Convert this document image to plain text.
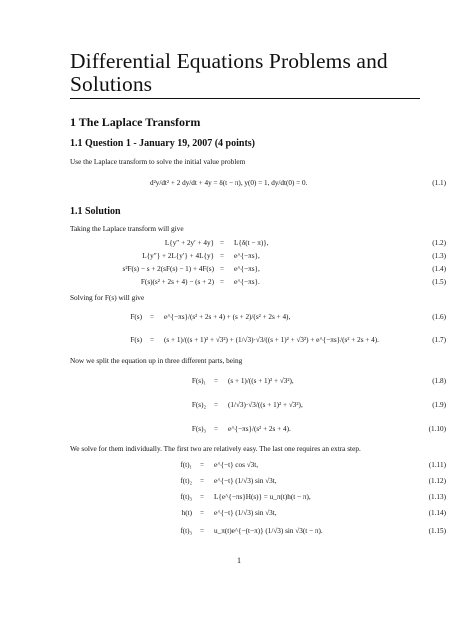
Differential Equations Problems and Solutions
1 The Laplace Transform
1.1 Question 1 - January 19, 2007 (4 points)
Use the Laplace transform to solve the initial value problem
d²y/dt² + 2 dy/dt + 4y = δ(t − π), y(0) = 1, dy/dt(0) = 0.	(1.1)
1.1 Solution
Taking the Laplace transform will give
L{y″ + 2y′ + 4y} = L{δ(t − π)},	(1.2)
L{y″} + 2L{y′} + 4L{y} = e^{−πs},	(1.3)
s²F(s) − s + 2(sF(s) − 1) + 4F(s) = e^{−πs},	(1.4)
F(s)(s² + 2s + 4) − (s + 2) = e^{−πs}.	(1.5)
Solving for F(s) will give
F(s) = e^{−πs}/(s² + 2s + 4) + (s + 2)/(s² + 2s + 4),	(1.6)
F(s) = (s + 1)/((s + 1)² + √3²) + (1/√3)·√3/((s + 1)² + √3²) + e^{−πs}/(s² + 2s + 4).	(1.7)
Now we split the equation up in three different parts, being
F(s)₁ = (s + 1)/((s + 1)² + √3²),	(1.8)
F(s)₂ = (1/√3)·√3/((s + 1)² + √3²),	(1.9)
F(s)₃ = e^{−πs}/(s² + 2s + 4).	(1.10)
We solve for them individually. The first two are relatively easy. The last one requires an extra step.
f(t)₁ = e^{−t} cos √3t,	(1.11)
f(t)₂ = e^{−t} (1/√3) sin √3t,	(1.12)
f(t)₃ = L{e^{−πs}H(s)} = u_π(t)h(t − π),	(1.13)
h(t) = e^{−t} (1/√3) sin √3t,	(1.14)
f(t)₃ = u_π(t)e^{−(t−π)} (1/√3) sin √3(t − π).	(1.15)
1
